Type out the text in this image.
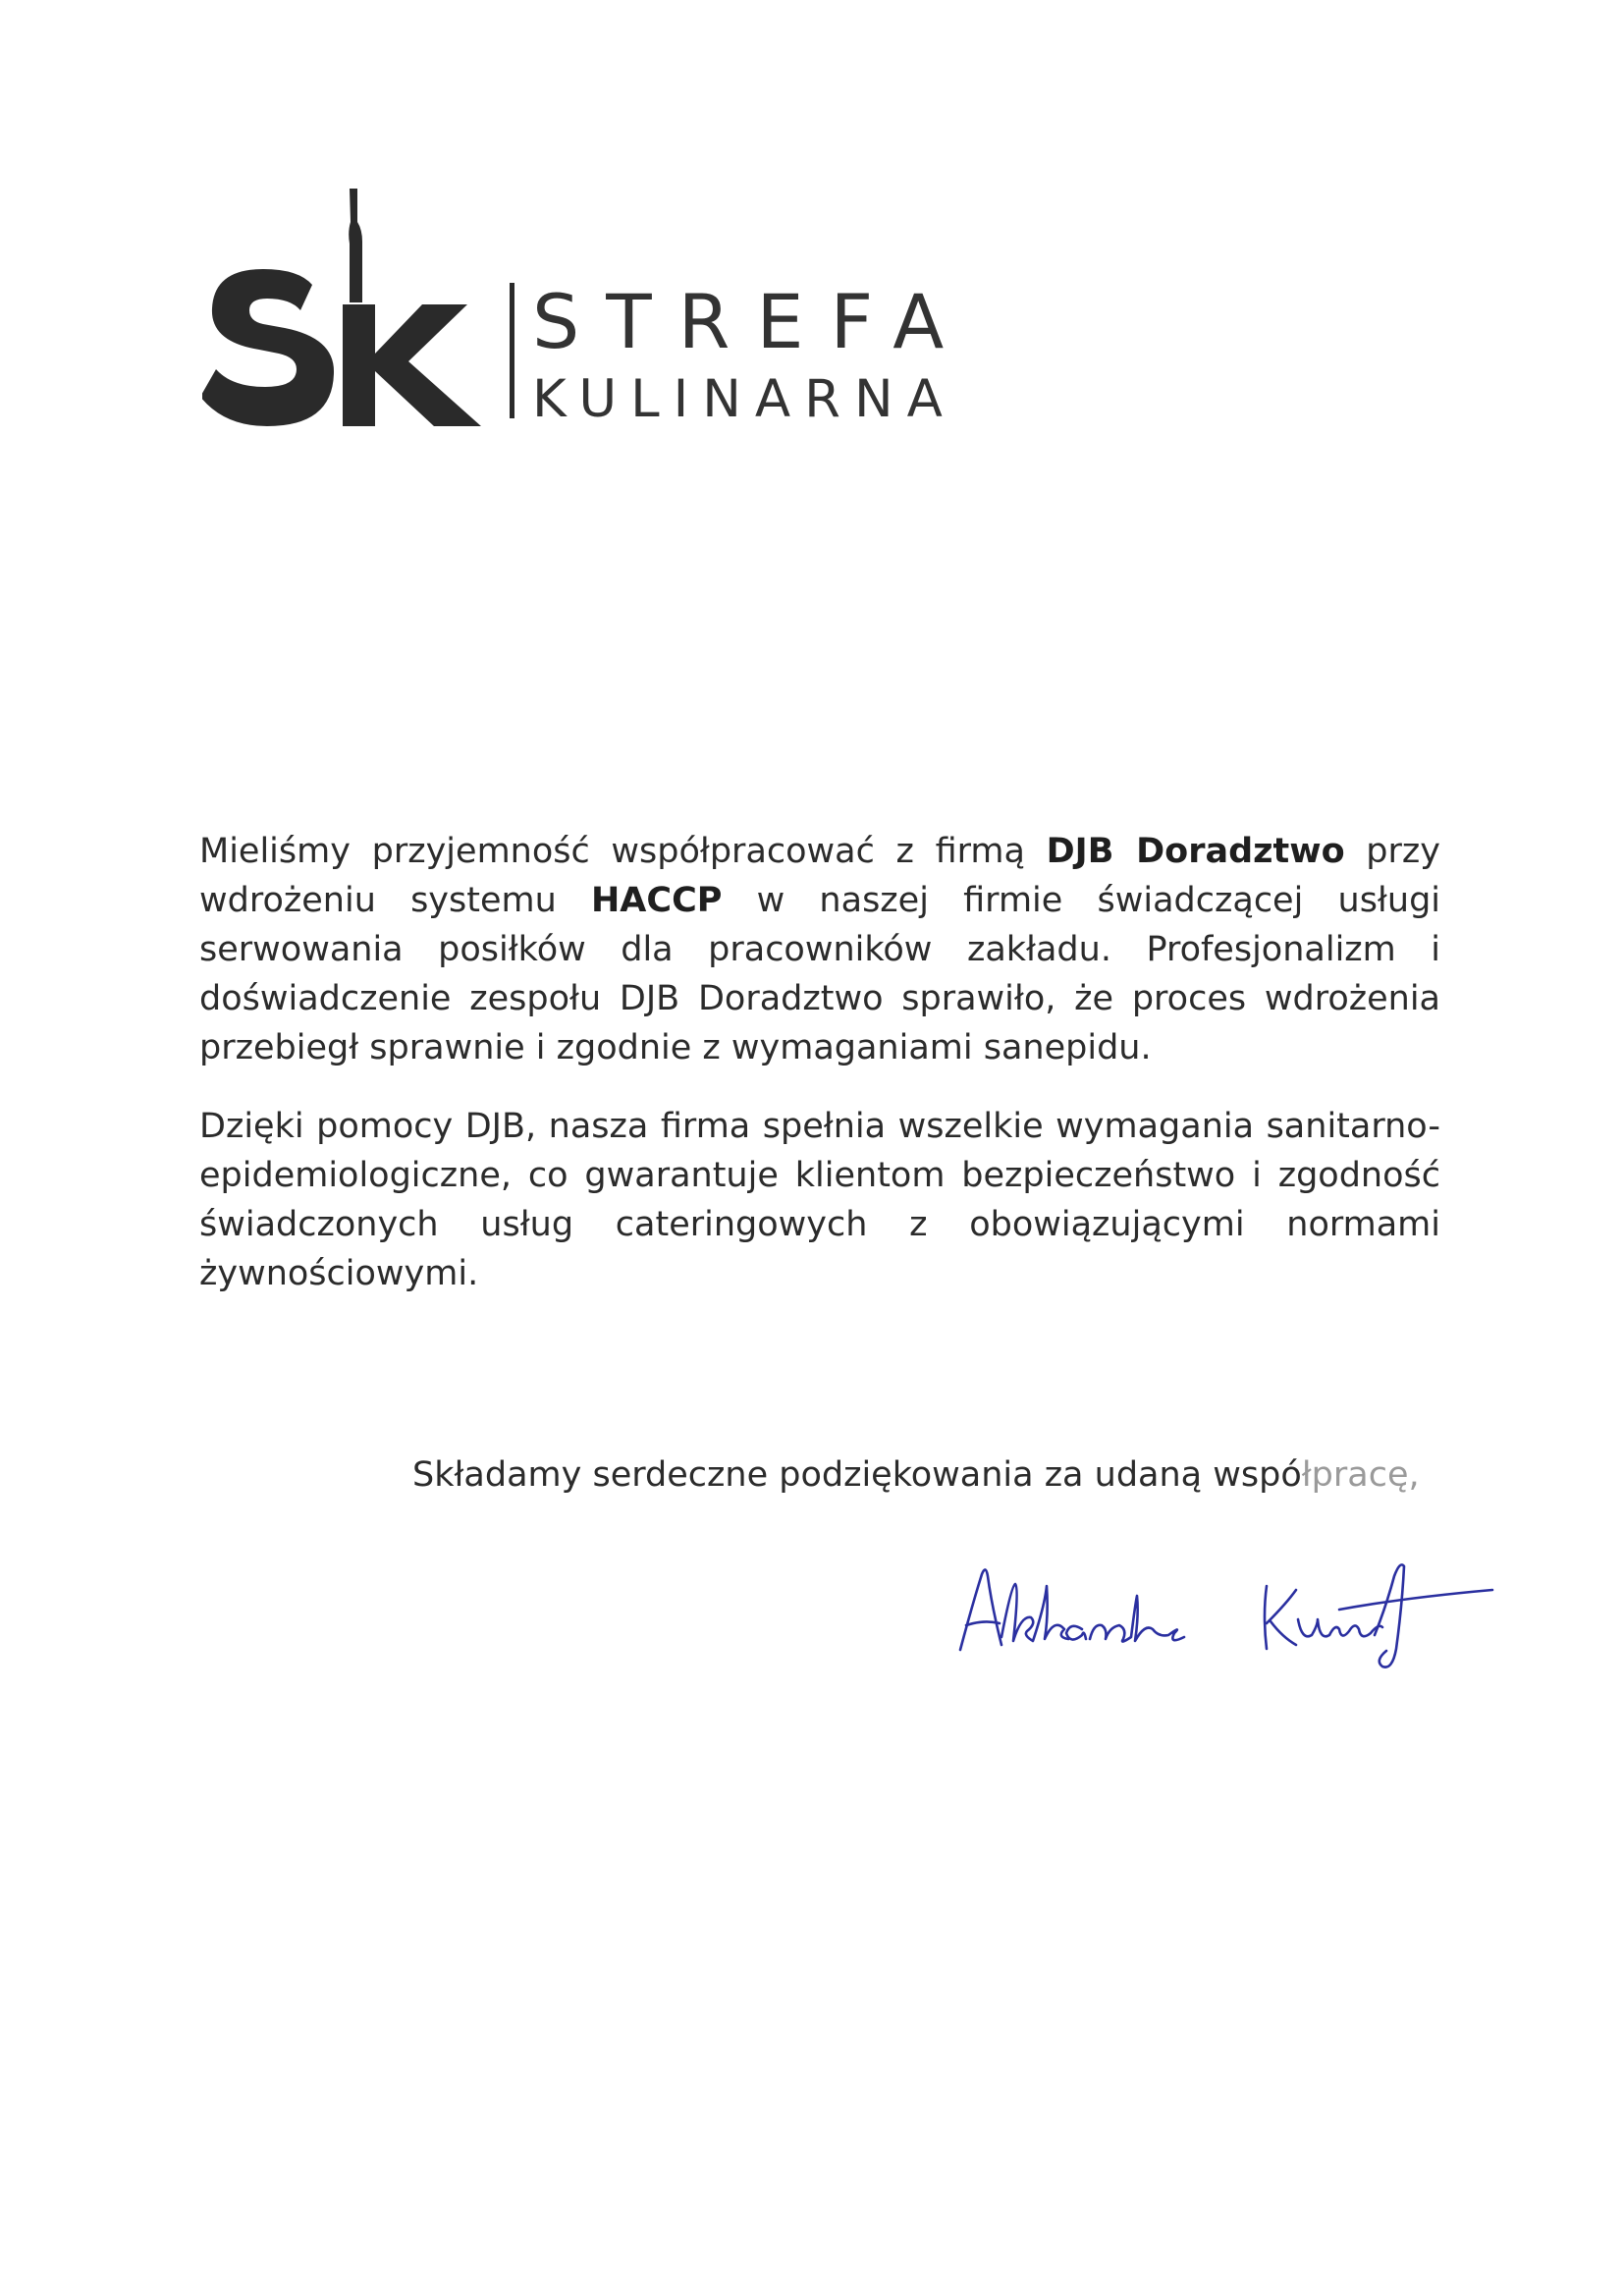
STREFA
KULINARNA

Mieliśmy przyjemność współpracować z firmą DJB Doradztwo przy wdrożeniu systemu HACCP w naszej firmie świadczącej usługi serwowania posiłków dla pracowników zakładu. Profesjonalizm i doświadczenie zespołu DJB Doradztwo sprawiło, że proces wdrożenia przebiegł sprawnie i zgodnie z wymaganiami sanepidu.

Dzięki pomocy DJB, nasza firma spełnia wszelkie wymagania sanitarno-epidemiologiczne, co gwarantuje klientom bezpieczeństwo i zgodność świadczonych usług cateringowych z obowiązującymi normami żywnościowymi.

Składamy serdeczne podziękowania za udaną współpracę,
